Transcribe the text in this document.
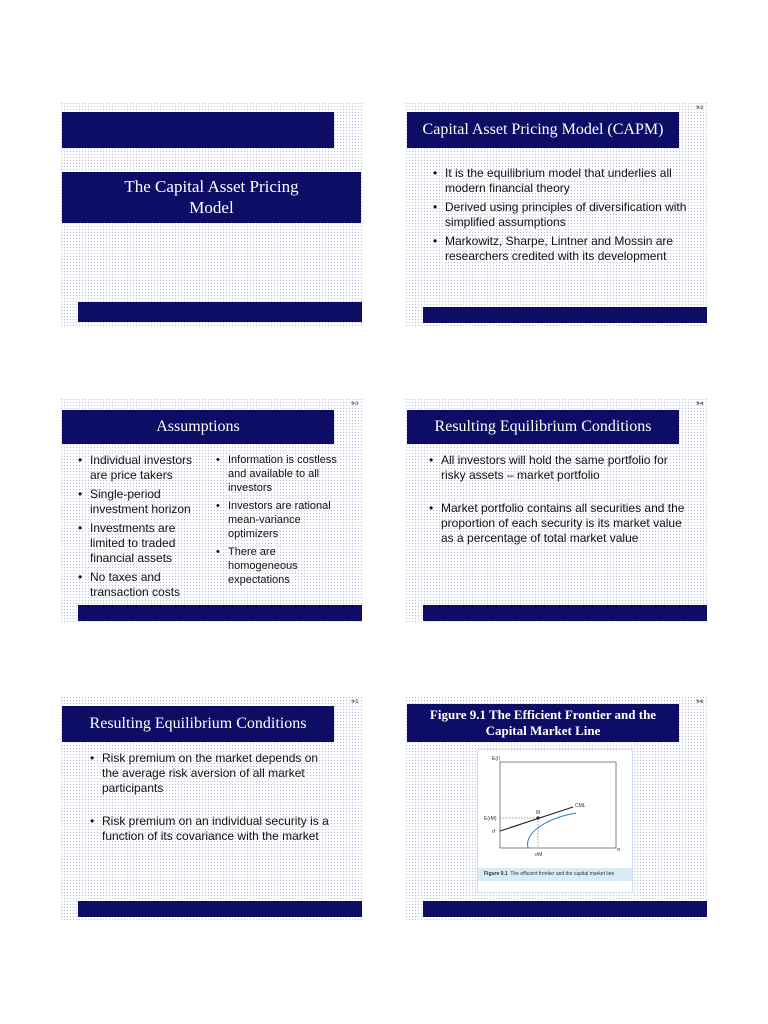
The Capital Asset Pricing Model
9-2
Capital Asset Pricing Model (CAPM)
• It is the equilibrium model that underlies all modern financial theory
• Derived using principles of diversification with simplified assumptions
• Markowitz, Sharpe, Lintner and Mossin are researchers credited with its development
9-3
Assumptions
• Individual investors are price takers
• Single-period investment horizon
• Investments are limited to traded financial assets
• No taxes and transaction costs
• Information is costless and available to all investors
• Investors are rational mean-variance optimizers
• There are homogeneous expectations
9-4
Resulting Equilibrium Conditions
• All investors will hold the same portfolio for risky assets – market portfolio
• Market portfolio contains all securities and the proportion of each security is its market value as a percentage of total market value
9-5
Resulting Equilibrium Conditions
• Risk premium on the market depends on the average risk aversion of all market participants
• Risk premium on an individual security is a function of its covariance with the market
9-6
Figure 9.1 The Efficient Frontier and the Capital Market Line
E(r)
M
CML
E(rM)
rf
σM
σ
Figure 9.1 The efficient frontier and the capital market line
